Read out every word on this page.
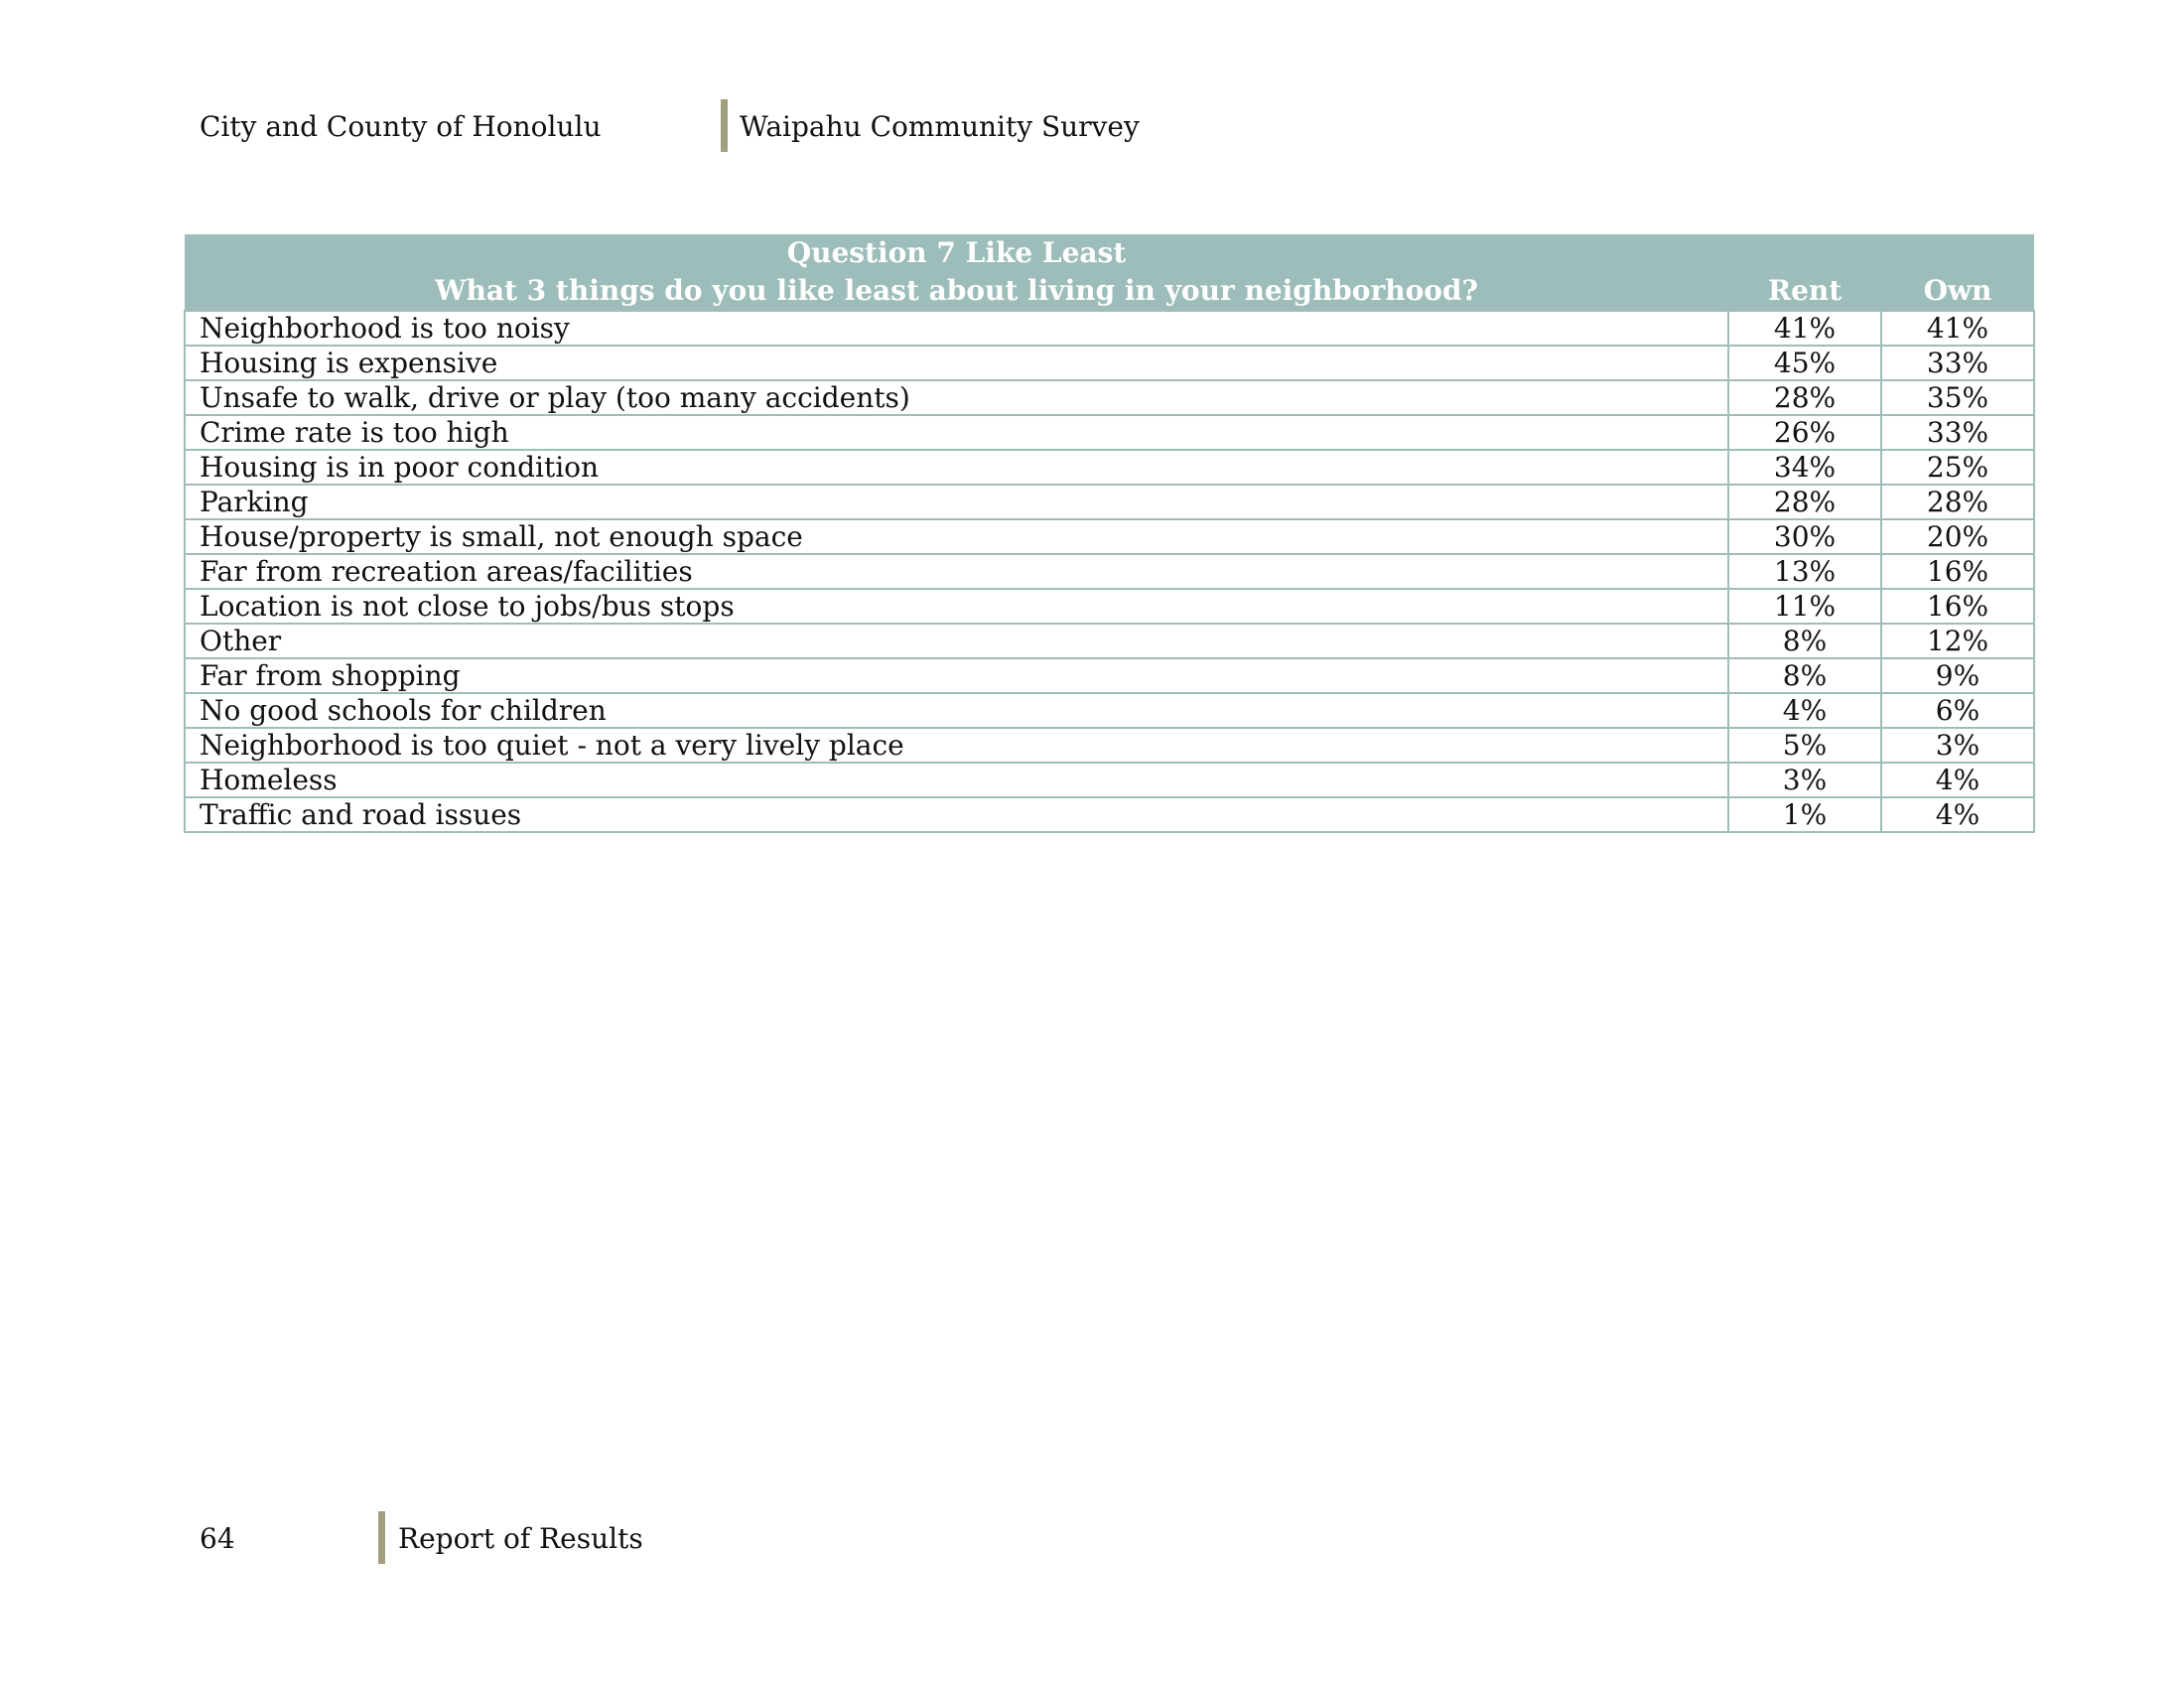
City and County of Honolulu	Waipahu Community Survey
Question 7 Like Least
What 3 things do you like least about living in your neighborhood?	Rent	Own
Neighborhood is too noisy	41%	41%
Housing is expensive	45%	33%
Unsafe to walk, drive or play (too many accidents)	28%	35%
Crime rate is too high	26%	33%
Housing is in poor condition	34%	25%
Parking	28%	28%
House/property is small, not enough space	30%	20%
Far from recreation areas/facilities	13%	16%
Location is not close to jobs/bus stops	11%	16%
Other	8%	12%
Far from shopping	8%	9%
No good schools for children	4%	6%
Neighborhood is too quiet - not a very lively place	5%	3%
Homeless	3%	4%
Traffic and road issues	1%	4%
64	Report of Results
